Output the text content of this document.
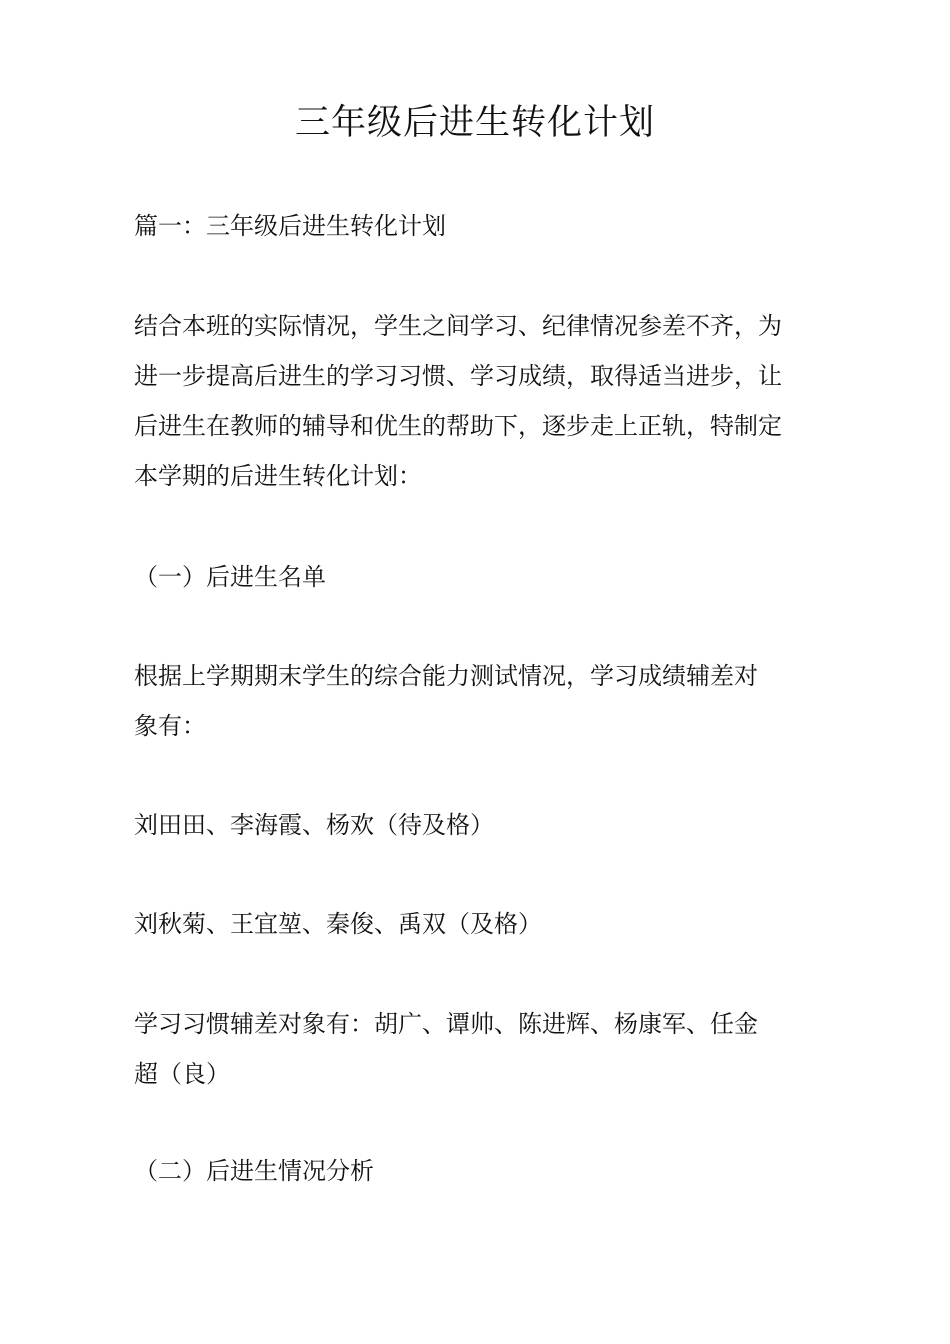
三年级后进生转化计划

篇一：三年级后进生转化计划

结合本班的实际情况，学生之间学习、纪律情况参差不齐，为
进一步提高后进生的学习习惯、学习成绩，取得适当进步，让
后进生在教师的辅导和优生的帮助下，逐步走上正轨，特制定
本学期的后进生转化计划：

（一）后进生名单

根据上学期期末学生的综合能力测试情况，学习成绩辅差对
象有：

刘田田、李海霞、杨欢（待及格）

刘秋菊、王宜堃、秦俊、禹双（及格）

学习习惯辅差对象有：胡广、谭帅、陈进辉、杨康军、任金
超（良）

（二）后进生情况分析
